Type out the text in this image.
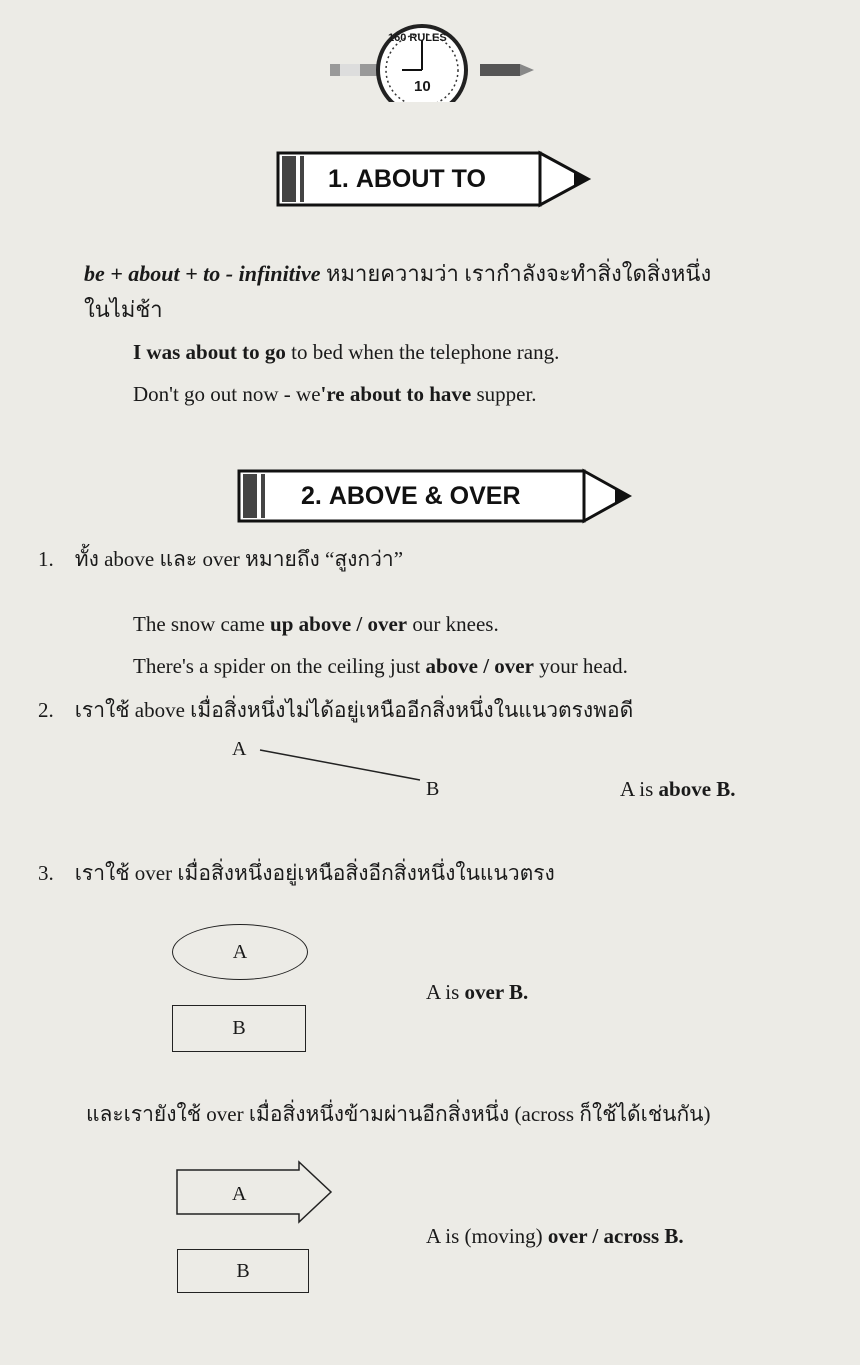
10
160 RULES
1.
ABOUT TO
be + about + to - infinitive หมายความว่า เรากำลังจะทำสิ่งใดสิ่งหนึ่ง
ในไม่ช้า
I was about to go to bed when the telephone rang.
Don't go out now - we're about to have supper.
2.
ABOVE & OVER
1. ทั้ง above และ over หมายถึง “สูงกว่า”
The snow came up above / over our knees.
There's a spider on the ceiling just above / over your head.
2. เราใช้ above เมื่อสิ่งหนึ่งไม่ได้อยู่เหนืออีกสิ่งหนึ่งในแนวตรงพอดี
A
B	A is above B.
3. เราใช้ over เมื่อสิ่งหนึ่งอยู่เหนือสิ่งอีกสิ่งหนึ่งในแนวตรง
A
B
A is over B.
และเรายังใช้ over เมื่อสิ่งหนึ่งข้ามผ่านอีกสิ่งหนึ่ง (across ก็ใช้ได้เช่นกัน)
A
B
A is (moving) over / across B.
